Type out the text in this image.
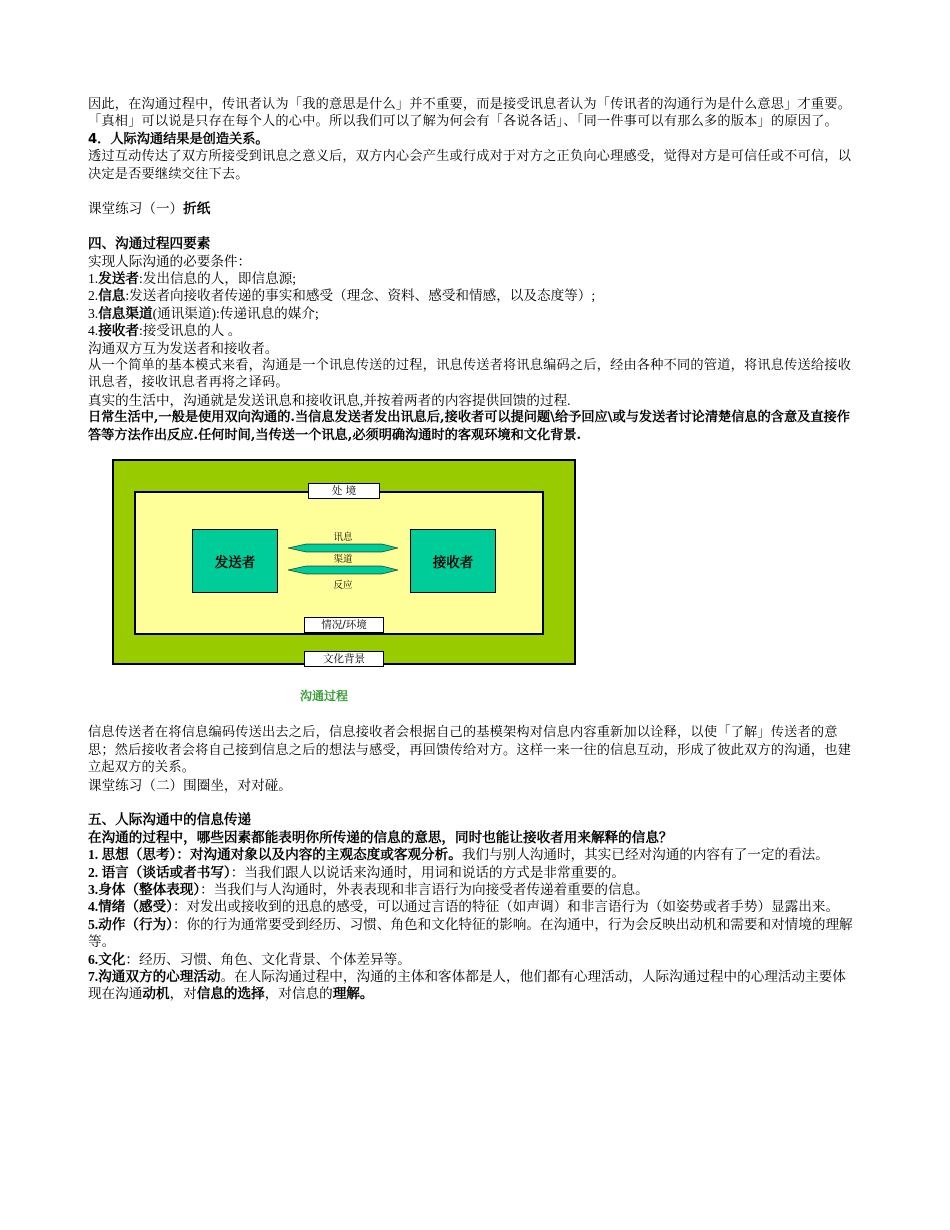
因此，在沟通过程中，传讯者认为「我的意思是什么」并不重要，而是接受讯息者认为「传讯者的沟通行为是什么意思」才重要。「真相」可以说是只存在每个人的心中。所以我们可以了解为何会有「各说各话」、「同一件事可以有那么多的版本」的原因了。

4．人际沟通结果是创造关系。

透过互动传达了双方所接受到讯息之意义后，双方内心会产生或行成对于对方之正负向心理感受，觉得对方是可信任或不可信，以决定是否要继续交往下去。

课堂练习（一）折纸

四、沟通过程四要素

实现人际沟通的必要条件：

1.发送者:发出信息的人，即信息源;

2.信息:发送者向接收者传递的事实和感受（理念、资料、感受和情感，以及态度等）;

3.信息渠道(通讯渠道):传递讯息的媒介;

4.接收者:接受讯息的人 。

沟通双方互为发送者和接收者。

从一个简单的基本模式来看，沟通是一个讯息传送的过程，讯息传送者将讯息编码之后，经由各种不同的管道，将讯息传送给接收讯息者，接收讯息者再将之译码。

真实的生活中，沟通就是发送讯息和接收讯息,并按着两者的内容提供回馈的过程.

日常生活中,一般是使用双向沟通的.当信息发送者发出讯息后,接收者可以提问题\给予回应\或与发送者讨论清楚信息的含意及直接作答等方法作出反应.任何时间,当传送一个讯息,必须明确沟通时的客观环境和文化背景.

发送者	接收者
讯息
渠道
反应
处 境
情况/环境
文化背景
沟通过程

信息传送者在将信息编码传送出去之后，信息接收者会根据自己的基模架构对信息内容重新加以诠释，以使「了解」传送者的意思；然后接收者会将自己接到信息之后的想法与感受，再回馈传给对方。这样一来一往的信息互动，形成了彼此双方的沟通，也建立起双方的关系。

课堂练习（二）围圈坐，对对碰。

五、人际沟通中的信息传递

在沟通的过程中，哪些因素都能表明你所传递的信息的意思，同时也能让接收者用来解释的信息？

1. 思想（思考）：对沟通对象以及内容的主观态度或客观分析。我们与别人沟通时，其实已经对沟通的内容有了一定的看法。

2. 语言（谈话或者书写）：当我们跟人以说话来沟通时，用词和说话的方式是非常重要的。

3.身体（整体表现）：当我们与人沟通时，外表表现和非言语行为向接受者传递着重要的信息。

4.情绪（感受）：对发出或接收到的迅息的感受，可以通过言语的特征（如声调）和非言语行为（如姿势或者手势）显露出来。

5.动作（行为）：你的行为通常要受到经历、习惯、角色和文化特征的影响。在沟通中，行为会反映出动机和需要和对情境的理解等。

6.文化：经历、习惯、角色、文化背景、个体差异等。

7.沟通双方的心理活动。在人际沟通过程中，沟通的主体和客体都是人，他们都有心理活动，人际沟通过程中的心理活动主要体现在沟通动机，对信息的选择，对信息的理解。
